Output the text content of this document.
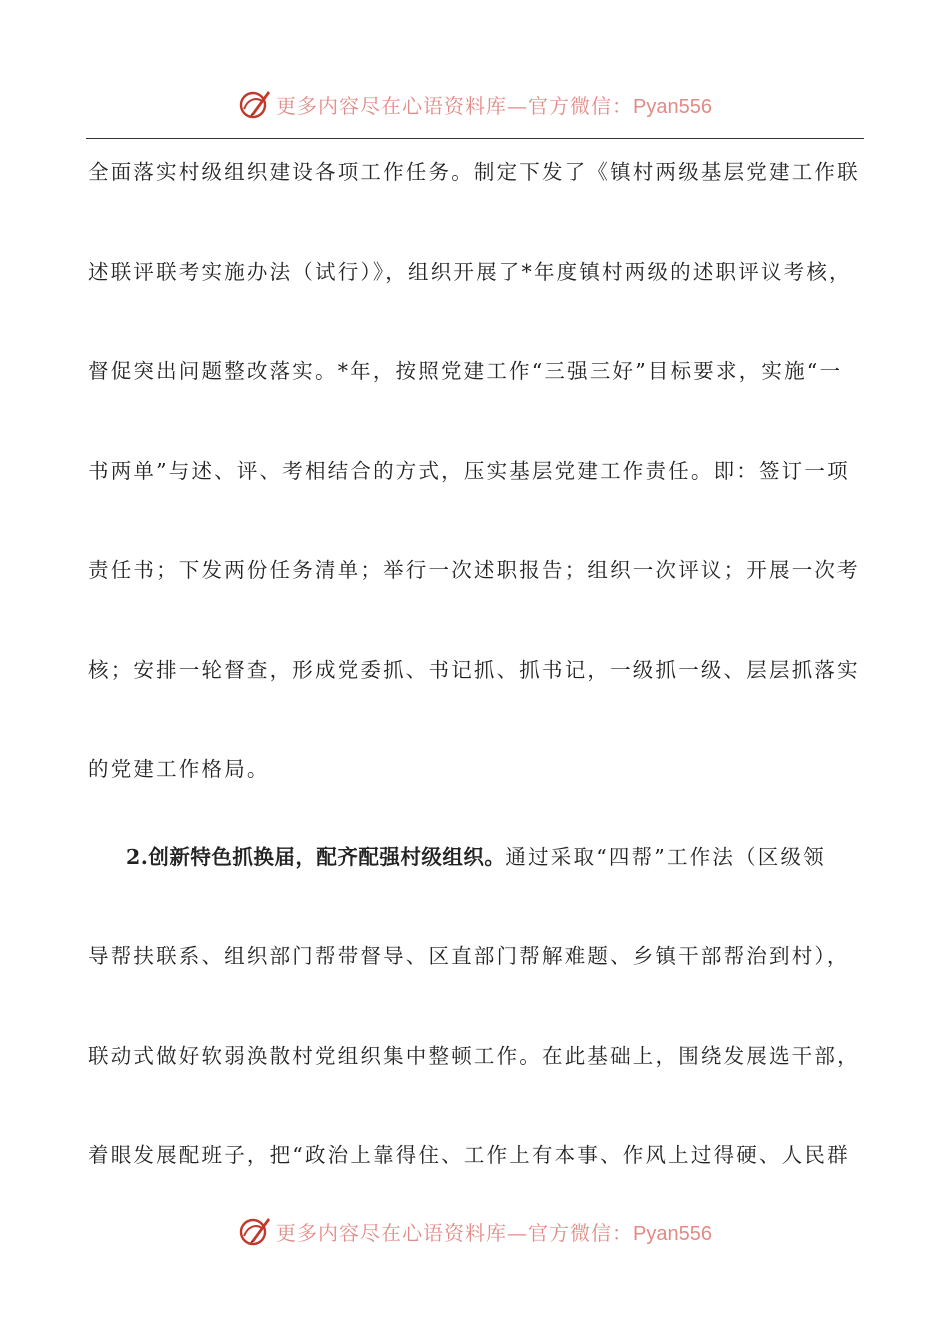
更多内容尽在心语资料库—官方微信：Pyan556
全面落实村级组织建设各项工作任务。制定下发了《镇村两级基层党建工作联
述联评联考实施办法（试行）》，组织开展了*年度镇村两级的述职评议考核，
督促突出问题整改落实。*年，按照党建工作“三强三好”目标要求，实施“一
书两单”与述、评、考相结合的方式，压实基层党建工作责任。即：签订一项
责任书；下发两份任务清单；举行一次述职报告；组织一次评议；开展一次考
核；安排一轮督查，形成党委抓、书记抓、抓书记，一级抓一级、层层抓落实
的党建工作格局。
2.创新特色抓换届，配齐配强村级组织。通过采取“四帮”工作法（区级领
导帮扶联系、组织部门帮带督导、区直部门帮解难题、乡镇干部帮治到村），
联动式做好软弱涣散村党组织集中整顿工作。在此基础上，围绕发展选干部，
着眼发展配班子，把“政治上靠得住、工作上有本事、作风上过得硬、人民群
更多内容尽在心语资料库—官方微信：Pyan556
